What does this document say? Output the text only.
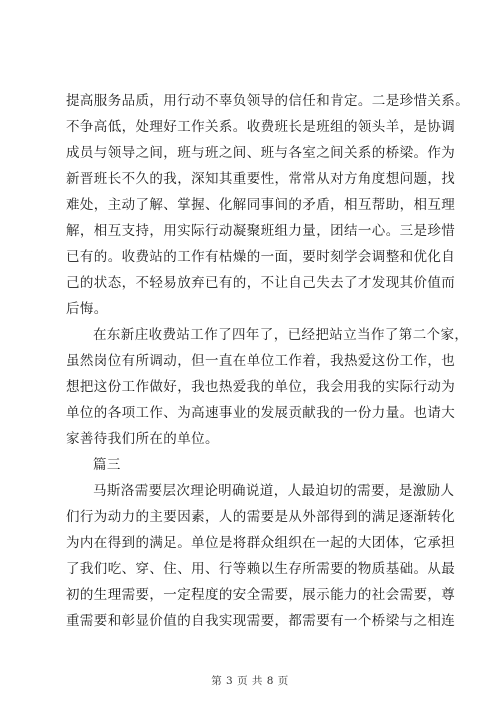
提高服务品质，用行动不辜负领导的信任和肯定。二是珍惜关系。
不争高低，处理好工作关系。收费班长是班组的领头羊，是协调
成员与领导之间，班与班之间、班与各室之间关系的桥梁。作为
新晋班长不久的我，深知其重要性，常常从对方角度想问题，找
难处，主动了解、掌握、化解同事间的矛盾，相互帮助，相互理
解，相互支持，用实际行动凝聚班组力量，团结一心。三是珍惜
已有的。收费站的工作有枯燥的一面，要时刻学会调整和优化自
己的状态，不轻易放弃已有的，不让自己失去了才发现其价值而
后悔。
在东新庄收费站工作了四年了，已经把站立当作了第二个家，
虽然岗位有所调动，但一直在单位工作着，我热爱这份工作，也
想把这份工作做好，我也热爱我的单位，我会用我的实际行动为
单位的各项工作、为高速事业的发展贡献我的一份力量。也请大
家善待我们所在的单位。
篇三
马斯洛需要层次理论明确说道，人最迫切的需要，是激励人
们行为动力的主要因素，人的需要是从外部得到的满足逐渐转化
为内在得到的满足。单位是将群众组织在一起的大团体，它承担
了我们吃、穿、住、用、行等赖以生存所需要的物质基础。从最
初的生理需要，一定程度的安全需要，展示能力的社会需要，尊
重需要和彰显价值的自我实现需要，都需要有一个桥梁与之相连
第 3 页 共 8 页
